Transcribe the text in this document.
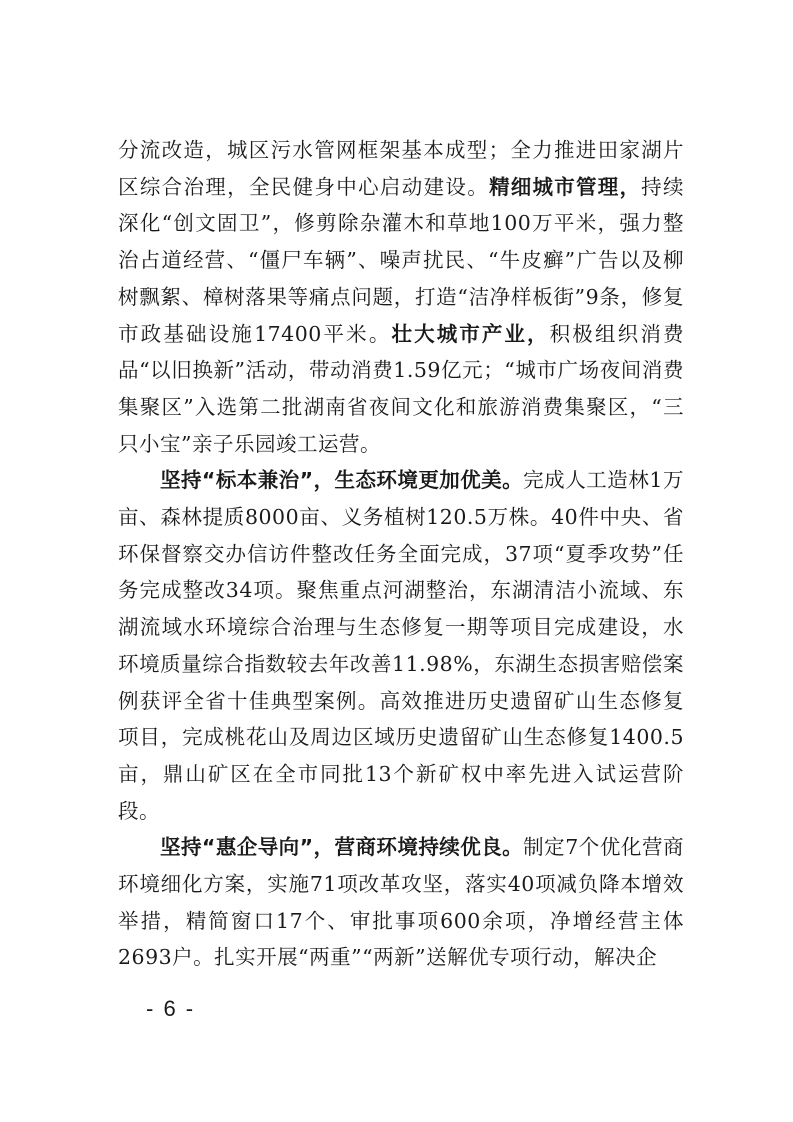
分流改造，城区污水管网框架基本成型；全力推进田家湖片区综合治理，全民健身中心启动建设。精细城市管理，持续深化“创文固卫”，修剪除杂灌木和草地100万平米，强力整治占道经营、“僵尸车辆”、噪声扰民、“牛皮癣”广告以及柳树飘絮、樟树落果等痛点问题，打造“洁净样板街”9条，修复市政基础设施17400平米。壮大城市产业，积极组织消费品“以旧换新”活动，带动消费1.59亿元；“城市广场夜间消费集聚区”入选第二批湖南省夜间文化和旅游消费集聚区，“三只小宝”亲子乐园竣工运营。

坚持“标本兼治”，生态环境更加优美。完成人工造林1万亩、森林提质8000亩、义务植树120.5万株。40件中央、省环保督察交办信访件整改任务全面完成，37项“夏季攻势”任务完成整改34项。聚焦重点河湖整治，东湖清洁小流域、东湖流域水环境综合治理与生态修复一期等项目完成建设，水环境质量综合指数较去年改善11.98%，东湖生态损害赔偿案例获评全省十佳典型案例。高效推进历史遗留矿山生态修复项目，完成桃花山及周边区域历史遗留矿山生态修复1400.5亩，鼎山矿区在全市同批13个新矿权中率先进入试运营阶段。

坚持“惠企导向”，营商环境持续优良。制定7个优化营商环境细化方案，实施71项改革攻坚，落实40项减负降本增效举措，精简窗口17个、审批事项600余项，净增经营主体2693户。扎实开展“两重”“两新”送解优专项行动，解决企

- 6 -
